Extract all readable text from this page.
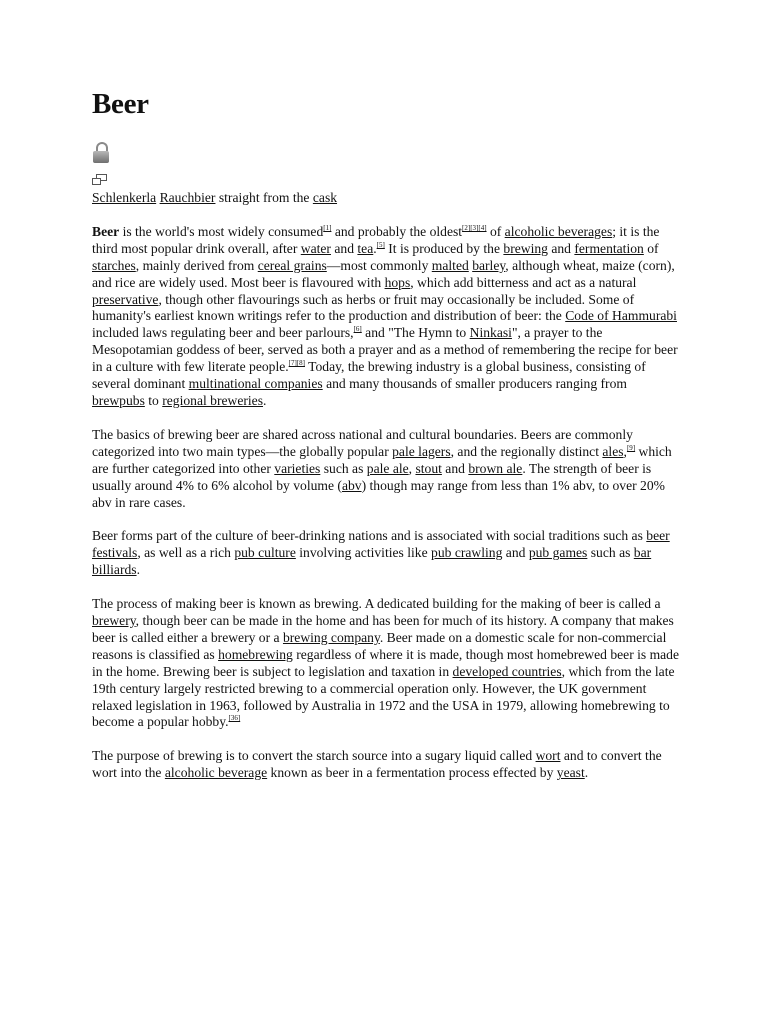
Beer

Schlenkerla Rauchbier straight from the cask

Beer is the world's most widely consumed[1] and probably the oldest[2][3][4] of alcoholic beverages; it is the third most popular drink overall, after water and tea.[5] It is produced by the brewing and fermentation of starches, mainly derived from cereal grains—most commonly malted barley, although wheat, maize (corn), and rice are widely used. Most beer is flavoured with hops, which add bitterness and act as a natural preservative, though other flavourings such as herbs or fruit may occasionally be included. Some of humanity's earliest known writings refer to the production and distribution of beer: the Code of Hammurabi included laws regulating beer and beer parlours,[6] and "The Hymn to Ninkasi", a prayer to the Mesopotamian goddess of beer, served as both a prayer and as a method of remembering the recipe for beer in a culture with few literate people.[7][8] Today, the brewing industry is a global business, consisting of several dominant multinational companies and many thousands of smaller producers ranging from brewpubs to regional breweries.

The basics of brewing beer are shared across national and cultural boundaries. Beers are commonly categorized into two main types—the globally popular pale lagers, and the regionally distinct ales,[9] which are further categorized into other varieties such as pale ale, stout and brown ale. The strength of beer is usually around 4% to 6% alcohol by volume (abv) though may range from less than 1% abv, to over 20% abv in rare cases.

Beer forms part of the culture of beer-drinking nations and is associated with social traditions such as beer festivals, as well as a rich pub culture involving activities like pub crawling and pub games such as bar billiards.

The process of making beer is known as brewing. A dedicated building for the making of beer is called a brewery, though beer can be made in the home and has been for much of its history. A company that makes beer is called either a brewery or a brewing company. Beer made on a domestic scale for non-commercial reasons is classified as homebrewing regardless of where it is made, though most homebrewed beer is made in the home. Brewing beer is subject to legislation and taxation in developed countries, which from the late 19th century largely restricted brewing to a commercial operation only. However, the UK government relaxed legislation in 1963, followed by Australia in 1972 and the USA in 1979, allowing homebrewing to become a popular hobby.[36]

The purpose of brewing is to convert the starch source into a sugary liquid called wort and to convert the wort into the alcoholic beverage known as beer in a fermentation process effected by yeast.
